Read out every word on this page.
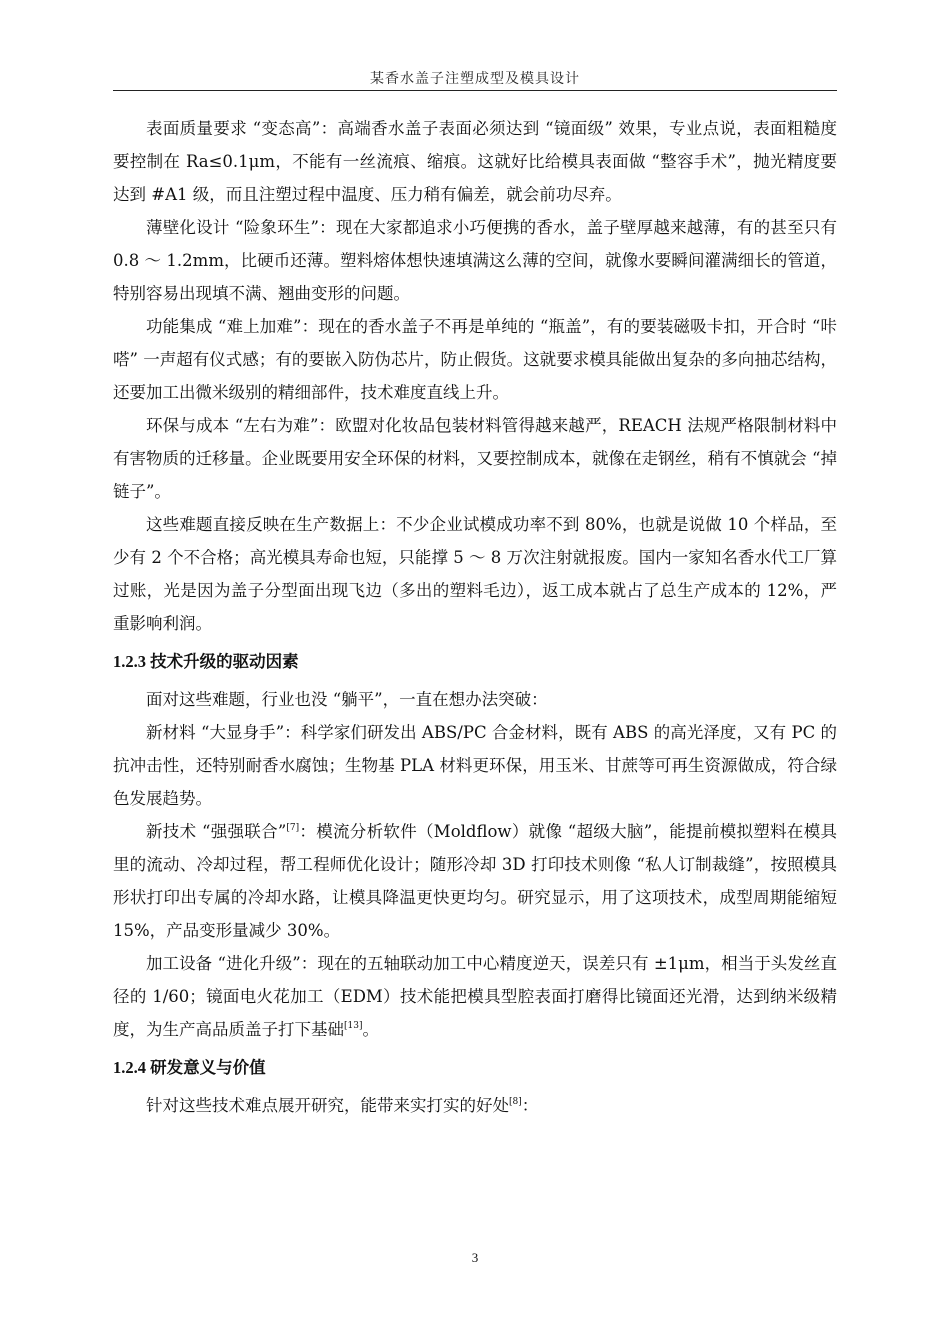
某香水盖子注塑成型及模具设计

表面质量要求 “变态高”：高端香水盖子表面必须达到 “镜面级” 效果，专业点说，表面粗糙度要控制在 Ra≤0.1μm，不能有一丝流痕、缩痕。这就好比给模具表面做 “整容手术”，抛光精度要达到 #A1 级，而且注塑过程中温度、压力稍有偏差，就会前功尽弃。

薄壁化设计 “险象环生”：现在大家都追求小巧便携的香水，盖子壁厚越来越薄，有的甚至只有 0.8 ～ 1.2mm，比硬币还薄。塑料熔体想快速填满这么薄的空间，就像水要瞬间灌满细长的管道，特别容易出现填不满、翘曲变形的问题。

功能集成 “难上加难”：现在的香水盖子不再是单纯的 “瓶盖”，有的要装磁吸卡扣，开合时 “咔嗒” 一声超有仪式感；有的要嵌入防伪芯片，防止假货。这就要求模具能做出复杂的多向抽芯结构，还要加工出微米级别的精细部件，技术难度直线上升。

环保与成本 “左右为难”：欧盟对化妆品包装材料管得越来越严，REACH 法规严格限制材料中有害物质的迁移量。企业既要用安全环保的材料，又要控制成本，就像在走钢丝，稍有不慎就会 “掉链子”。

这些难题直接反映在生产数据上：不少企业试模成功率不到 80%，也就是说做 10 个样品，至少有 2 个不合格；高光模具寿命也短，只能撑 5 ～ 8 万次注射就报废。国内一家知名香水代工厂算过账，光是因为盖子分型面出现飞边（多出的塑料毛边），返工成本就占了总生产成本的 12%，严重影响利润。

1.2.3 技术升级的驱动因素

面对这些难题，行业也没 “躺平”，一直在想办法突破：

新材料 “大显身手”：科学家们研发出 ABS/PC 合金材料，既有 ABS 的高光泽度，又有 PC 的抗冲击性，还特别耐香水腐蚀；生物基 PLA 材料更环保，用玉米、甘蔗等可再生资源做成，符合绿色发展趋势。

新技术 “强强联合”[7]：模流分析软件（Moldflow）就像 “超级大脑”，能提前模拟塑料在模具里的流动、冷却过程，帮工程师优化设计；随形冷却 3D 打印技术则像 “私人订制裁缝”，按照模具形状打印出专属的冷却水路，让模具降温更快更均匀。研究显示，用了这项技术，成型周期能缩短 15%，产品变形量减少 30%。

加工设备 “进化升级”：现在的五轴联动加工中心精度逆天，误差只有 ±1μm，相当于头发丝直径的 1/60；镜面电火花加工（EDM）技术能把模具型腔表面打磨得比镜面还光滑，达到纳米级精度，为生产高品质盖子打下基础[13]。

1.2.4 研发意义与价值

针对这些技术难点展开研究，能带来实打实的好处[8]：

3
